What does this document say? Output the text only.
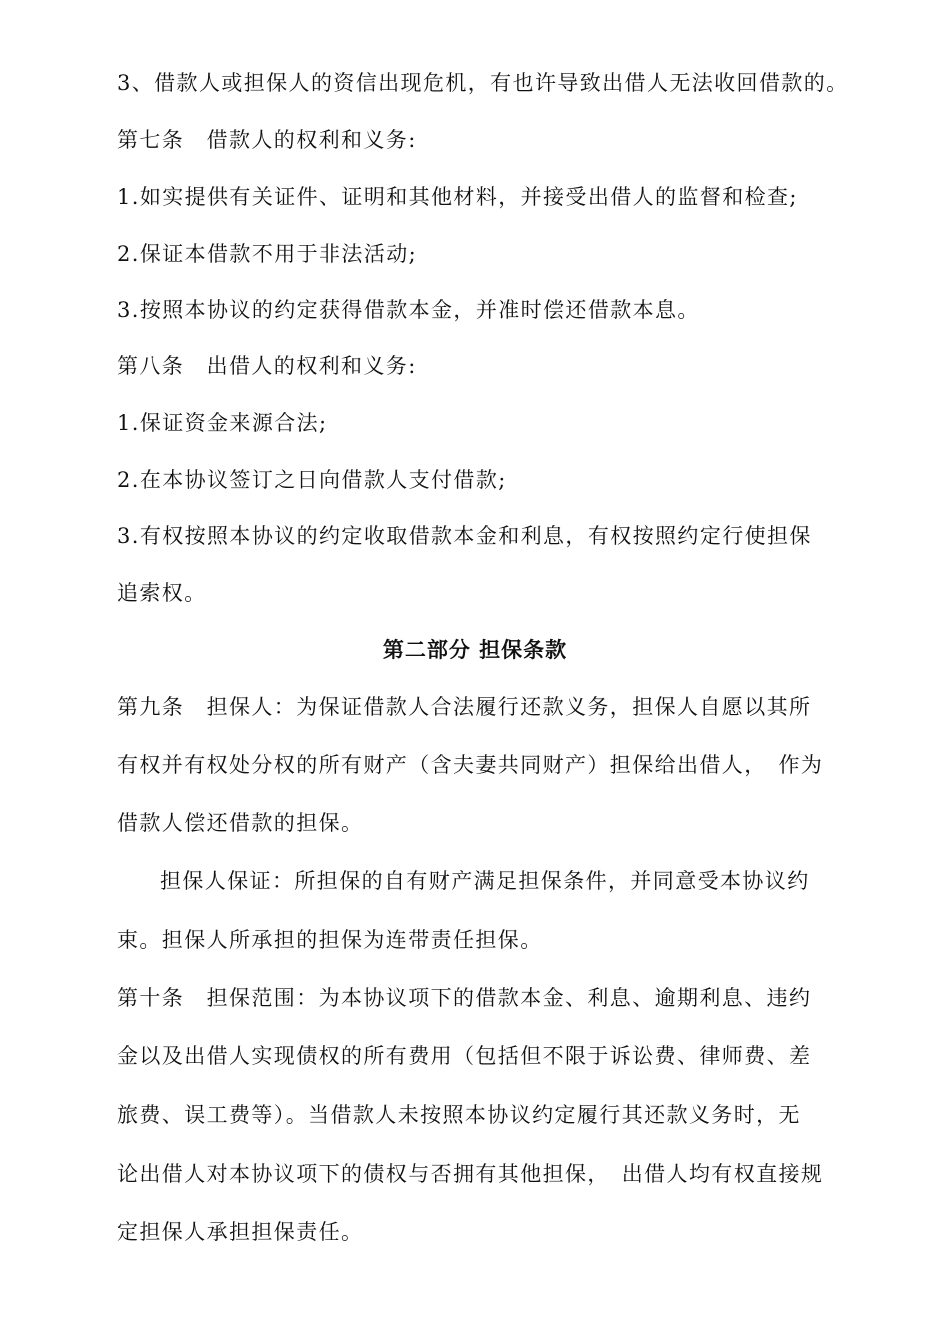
3、借款人或担保人的资信出现危机，有也许导致出借人无法收回借款的。
第七条　借款人的权利和义务:
1.如实提供有关证件、证明和其他材料，并接受出借人的监督和检查;
2.保证本借款不用于非法活动;
3.按照本协议的约定获得借款本金，并准时偿还借款本息。
第八条　出借人的权利和义务:
1.保证资金来源合法;
2.在本协议签订之日向借款人支付借款;
3.有权按照本协议的约定收取借款本金和利息，有权按照约定行使担保
追索权。
第二部分 担保条款
第九条　担保人：为保证借款人合法履行还款义务，担保人自愿以其所
有权并有权处分权的所有财产（含夫妻共同财产）担保给出借人，　作为
借款人偿还借款的担保。
担保人保证：所担保的自有财产满足担保条件，并同意受本协议约
束。担保人所承担的担保为连带责任担保。
第十条　担保范围：为本协议项下的借款本金、利息、逾期利息、违约
金以及出借人实现债权的所有费用（包括但不限于诉讼费、律师费、差
旅费、误工费等）。当借款人未按照本协议约定履行其还款义务时，无
论出借人对本协议项下的债权与否拥有其他担保，　出借人均有权直接规
定担保人承担担保责任。
